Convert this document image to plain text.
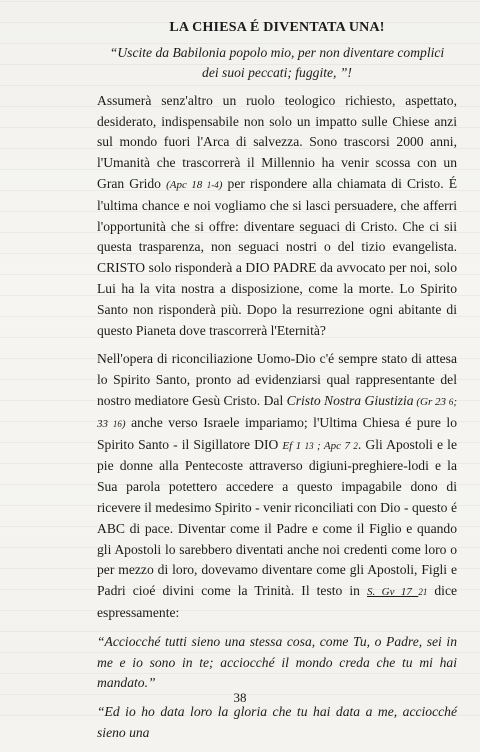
LA CHIESA É DIVENTATA UNA!
“Uscite da Babilonia popolo mio, per non diventare complici dei suoi peccati; fuggite, ”!
Assumerà senz'altro un ruolo teologico richiesto, aspettato, desiderato, indispensabile non solo un impatto sulle Chiese anzi sul mondo fuori l'Arca di salvezza. Sono trascorsi 2000 anni, l'Umanità che trascorrerà il Millennio ha venir scossa con un Gran Grido (Apc 18 1-4) per rispondere alla chiamata di Cristo. É l'ultima chance e noi vogliamo che si lasci persuadere, che afferri l'opportunità che si offre: diventare seguaci di Cristo. Che ci sii questa trasparenza, non seguaci nostri o del tizio evangelista. CRISTO solo risponderà a DIO PADRE da avvocato per noi, solo Lui ha la vita nostra a disposizione, come la morte. Lo Spirito Santo non risponderà più. Dopo la resurrezione ogni abitante di questo Pianeta dove trascorrerà l'Eternità?
Nell'opera di riconciliazione Uomo-Dio c'é sempre stato di attesa lo Spirito Santo, pronto ad evidenziarsi qual rappresentante del nostro mediatore Gesù Cristo. Dal Cristo Nostra Giustizia (Gr 23 6; 33 16) anche verso Israele impariamo; l'Ultima Chiesa é pure lo Spirito Santo - il Sigillatore DIO Ef 1 13 ; Apc 7 2. Gli Apostoli e le pie donne alla Pentecoste attraverso digiuni-preghiere-lodi e la Sua parola potettero accedere a questo impagabile dono di ricevere il medesimo Spirito - venir riconciliati con Dio - questo é ABC di pace. Diventar come il Padre e come il Figlio e quando gli Apostoli lo sarebbero diventati anche noi credenti come loro o per mezzo di loro, dovevamo diventare come gli Apostoli, Figli e Padri cioé divini come la Trinità. Il testo in S. Gv 17 21 dice espressamente:
“Acciocché tutti sieno una stessa cosa, come Tu, o Padre, sei in me e io sono in te; acciocché il mondo creda che tu mi hai mandato.”
“Ed io ho data loro la gloria che tu hai data a me, acciocché sieno una
38
